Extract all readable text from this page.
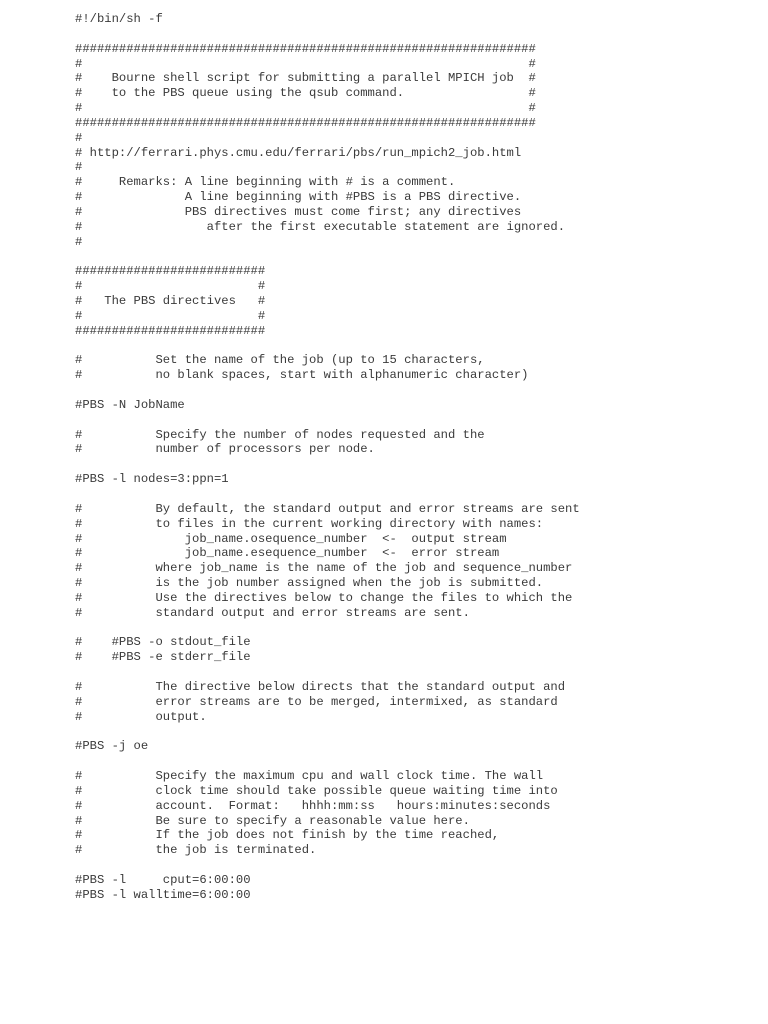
#!/bin/sh -f
###############################################################
#                                                             #
#    Bourne shell script for submitting a parallel MPICH job  #
#    to the PBS queue using the qsub command.                 #
#                                                             #
###############################################################
#
# http://ferrari.phys.cmu.edu/ferrari/pbs/run_mpich2_job.html
#
#     Remarks: A line beginning with # is a comment.
#              A line beginning with #PBS is a PBS directive.
#              PBS directives must come first; any directives
#                 after the first executable statement are ignored.
#
##########################
#                        #
#   The PBS directives   #
#                        #
##########################
#          Set the name of the job (up to 15 characters,
#          no blank spaces, start with alphanumeric character)
#PBS -N JobName
#          Specify the number of nodes requested and the
#          number of processors per node.
#PBS -l nodes=3:ppn=1
#          By default, the standard output and error streams are sent
#          to files in the current working directory with names:
#              job_name.osequence_number  <-  output stream
#              job_name.esequence_number  <-  error stream
#          where job_name is the name of the job and sequence_number
#          is the job number assigned when the job is submitted.
#          Use the directives below to change the files to which the
#          standard output and error streams are sent.
#    #PBS -o stdout_file
#    #PBS -e stderr_file
#          The directive below directs that the standard output and
#          error streams are to be merged, intermixed, as standard
#          output.
#PBS -j oe
#          Specify the maximum cpu and wall clock time. The wall
#          clock time should take possible queue waiting time into
#          account.  Format:   hhhh:mm:ss   hours:minutes:seconds
#          Be sure to specify a reasonable value here.
#          If the job does not finish by the time reached,
#          the job is terminated.
#PBS -l     cput=6:00:00
#PBS -l walltime=6:00:00
